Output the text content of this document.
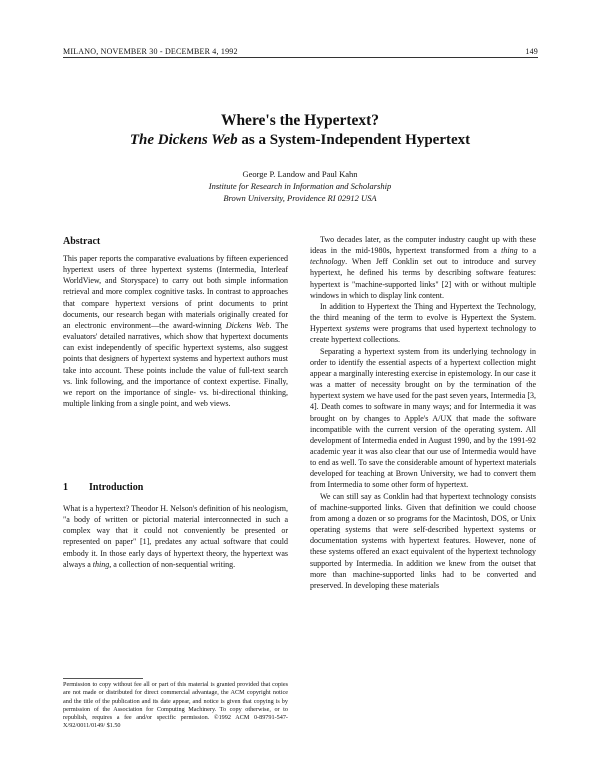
MILANO, NOVEMBER 30 - DECEMBER 4, 1992	149
Where's the Hypertext?
The Dickens Web as a System-Independent Hypertext
George P. Landow and Paul Kahn
Institute for Research in Information and Scholarship
Brown University, Providence RI 02912 USA
Abstract

This paper reports the comparative evaluations by fifteen experienced hypertext users of three hypertext systems (Intermedia, Interleaf WorldView, and Storyspace) to carry out both simple information retrieval and more complex cognitive tasks. In contrast to approaches that compare hypertext versions of print documents to print documents, our research began with materials originally created for an electronic environment—the award-winning Dickens Web. The evaluators' detailed narratives, which show that hypertext documents can exist independently of specific hypertext systems, also suggest points that designers of hypertext systems and hypertext authors must take into account. These points include the value of full-text search vs. link following, and the importance of context expertise. Finally, we report on the importance of single- vs. bi-directional thinking, multiple linking from a single point, and web views.

1 Introduction

What is a hypertext? Theodor H. Nelson's definition of his neologism, "a body of written or pictorial material interconnected in such a complex way that it could not conveniently be presented or represented on paper" [1], predates any actual software that could embody it. In those early days of hypertext theory, the hypertext was always a thing, a collection of non-sequential writing.

Permission to copy without fee all or part of this material is granted provided that copies are not made or distributed for direct commercial advantage, the ACM copyright notice and the title of the publication and its date appear, and notice is given that copying is by permission of the Association for Computing Machinery. To copy otherwise, or to republish, requires a fee and/or specific permission. ©1992 ACM 0-89791-547-X/92/0011/0149/ $1.50

Two decades later, as the computer industry caught up with these ideas in the mid-1980s, hypertext transformed from a thing to a technology. When Jeff Conklin set out to introduce and survey hypertext, he defined his terms by describing software features: hypertext is "machine-supported links" [2] with or without multiple windows in which to display link content.

In addition to Hypertext the Thing and Hypertext the Technology, the third meaning of the term to evolve is Hypertext the System. Hypertext systems were programs that used hypertext technology to create hypertext collections.

Separating a hypertext system from its underlying technology in order to identify the essential aspects of a hypertext collection might appear a marginally interesting exercise in epistemology. In our case it was a matter of necessity brought on by the termination of the hypertext system we have used for the past seven years, Intermedia [3, 4]. Death comes to software in many ways; and for Intermedia it was brought on by changes to Apple's A/UX that made the software incompatible with the current version of the operating system. All development of Intermedia ended in August 1990, and by the 1991-92 academic year it was also clear that our use of Intermedia would have to end as well. To save the considerable amount of hypertext materials developed for teaching at Brown University, we had to convert them from Intermedia to some other form of hypertext.

We can still say as Conklin had that hypertext technology consists of machine-supported links. Given that definition we could choose from among a dozen or so programs for the Macintosh, DOS, or Unix operating systems that were self-described hypertext systems or documentation systems with hypertext features. However, none of these systems offered an exact equivalent of the hypertext technology supported by Intermedia. In addition we knew from the outset that more than machine-supported links had to be converted and preserved. In developing these materials
